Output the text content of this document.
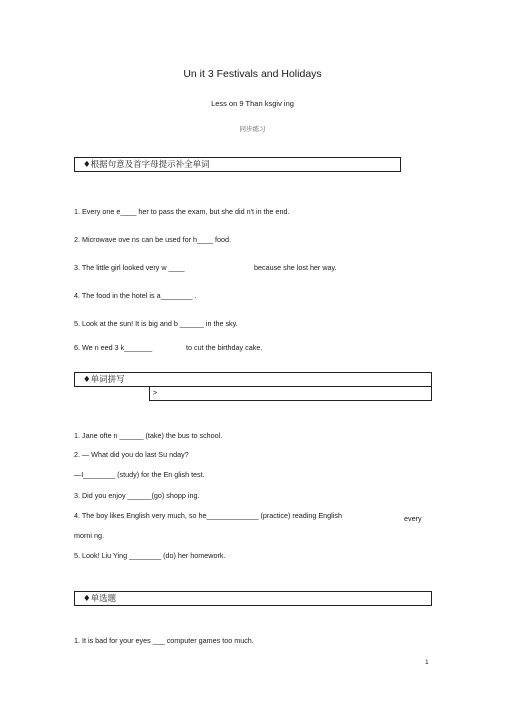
Un it 3 Festivals and Holidays
Less on 9 Than ksgiv ing
同步练习
♦根据句意及首字母提示补全单词
1. Every one e____ her to pass the exam, but she did n't in the end.
2. Microwave ove ns can be used for h____ food.
3. The little girl looked very w ____	because she lost her way.
4. The food in the hotel is a________ .
5. Look at the sun! It is big and b ______ in the sky.
6. We n eed 3 k_______	to cut the birthday cake.
♦单词拼写
>
1. Jane ofte n ______ (take) the bus to school.
2. — What did you do last Su nday?
—I________ (study) for the En glish test.
3. Did you enjoy ______(go) shopp ing.
4. The boy likes English very much, so he_____________ (practice) reading English	every
morni ng.
5. Look! Liu Ying ________ (do) her homework.
♦单选题
1. It is bad for your eyes ___ computer games too much.
1
